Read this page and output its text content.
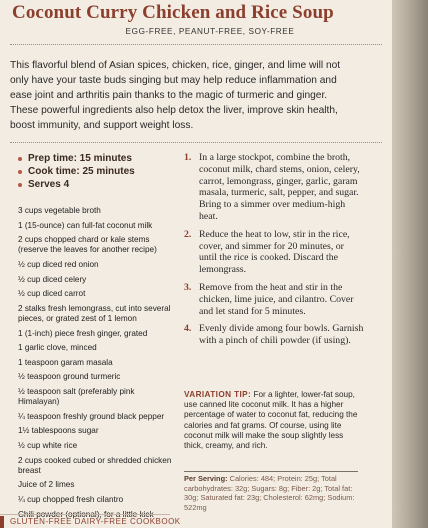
Coconut Curry Chicken and Rice Soup
EGG-FREE, PEANUT-FREE, SOY-FREE

This flavorful blend of Asian spices, chicken, rice, ginger, and lime will not only have your taste buds singing but may help reduce inflammation and ease joint and arthritis pain thanks to the magic of turmeric and ginger. These powerful ingredients also help detox the liver, improve skin health, boost immunity, and support weight loss.

Prep time: 15 minutes
Cook time: 25 minutes
Serves 4
3 cups vegetable broth
1 (15-ounce) can full-fat coconut milk
2 cups chopped chard or kale stems (reserve the leaves for another recipe)
½ cup diced red onion
½ cup diced celery
½ cup diced carrot
2 stalks fresh lemongrass, cut into several pieces, or grated zest of 1 lemon
1 (1-inch) piece fresh ginger, grated
1 garlic clove, minced
1 teaspoon garam masala
½ teaspoon ground turmeric
½ teaspoon salt (preferably pink Himalayan)
¼ teaspoon freshly ground black pepper
1½ tablespoons sugar
½ cup white rice
2 cups cooked cubed or shredded chicken breast
Juice of 2 limes
¼ cup chopped fresh cilantro
Chili powder (optional), for a little kick
1. In a large stockpot, combine the broth, coconut milk, chard stems, onion, celery, carrot, lemongrass, ginger, garlic, garam masala, turmeric, salt, pepper, and sugar. Bring to a simmer over medium-high heat.
2. Reduce the heat to low, stir in the rice, cover, and simmer for 20 minutes, or until the rice is cooked. Discard the lemongrass.
3. Remove from the heat and stir in the chicken, lime juice, and cilantro. Cover and let stand for 5 minutes.
4. Evenly divide among four bowls. Garnish with a pinch of chili powder (if using).
VARIATION TIP: For a lighter, lower-fat soup, use canned lite coconut milk. It has a higher percentage of water to coconut fat, reducing the calories and fat grams. Of course, using lite coconut milk will make the soup slightly less thick, creamy, and rich.
Per Serving: Calories: 484; Protein: 25g; Total carbohydrates: 32g; Sugars: 8g; Fiber: 2g; Total fat: 30g; Saturated fat: 23g; Cholesterol: 62mg; Sodium: 522mg
GLUTEN-FREE DAIRY-FREE COOKBOOK
